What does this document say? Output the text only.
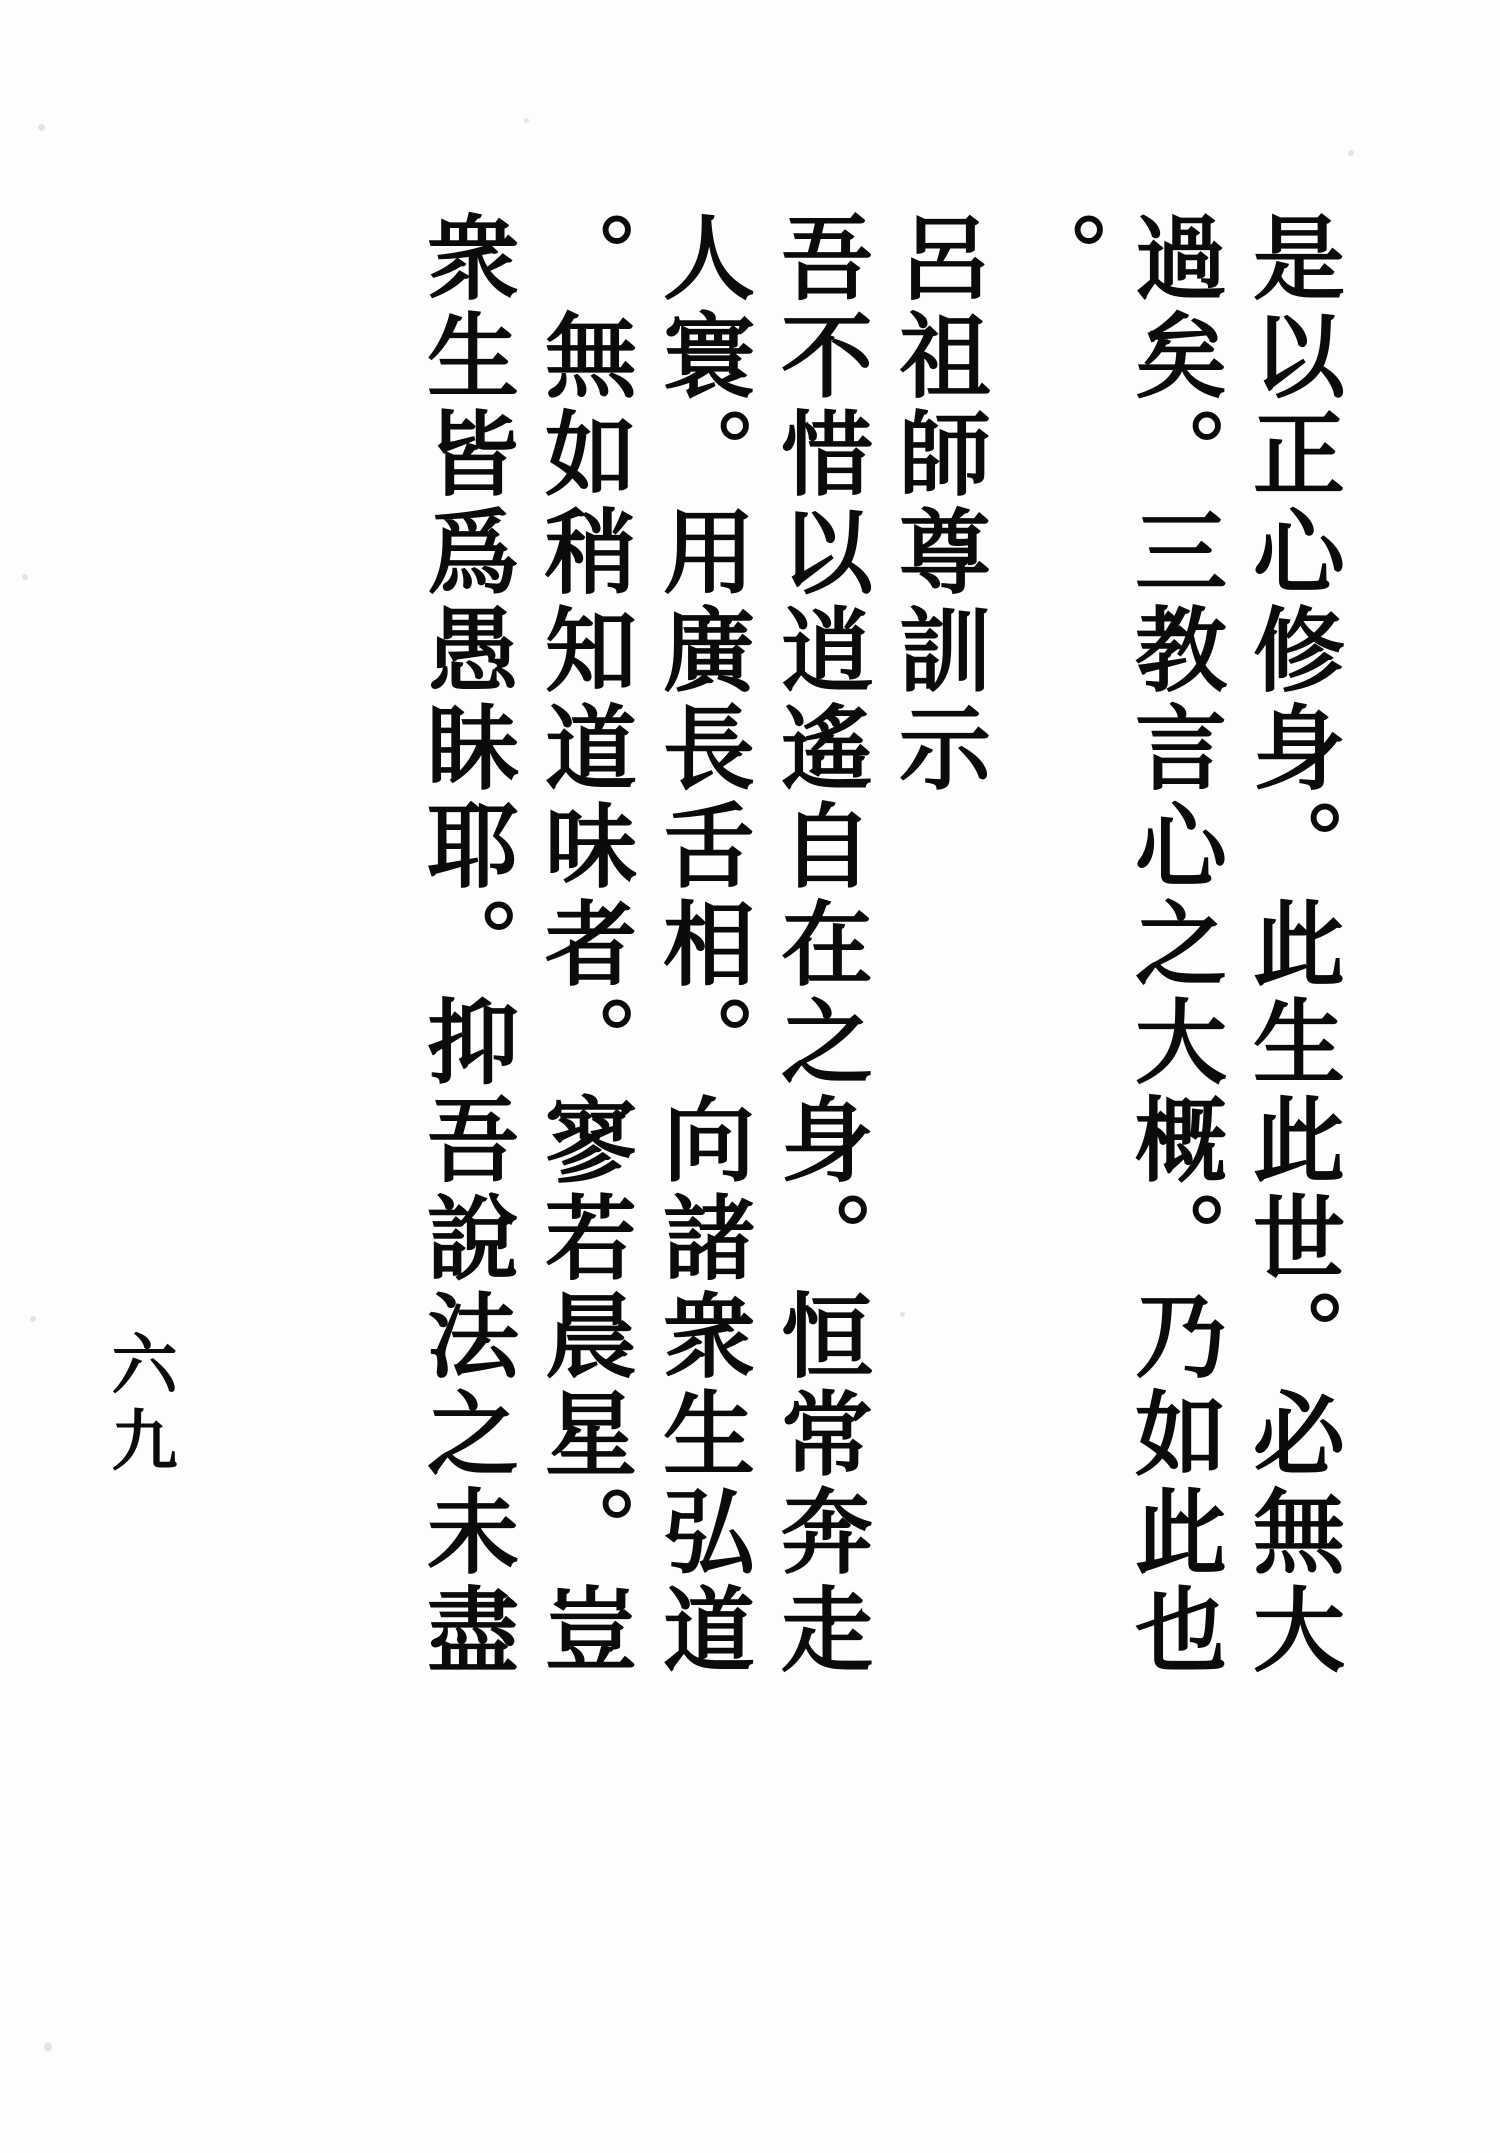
是以正心修身。此生此世。必無大
過矣。三教言心之大概。乃如此也
。
呂祖師尊訓示
吾不惜以逍遙自在之身。恒常奔走
人寰。用廣長舌相。向諸衆生弘道
。無如稍知道味者。寥若晨星。豈
衆生皆爲愚眛耶。抑吾說法之未盡
六九
